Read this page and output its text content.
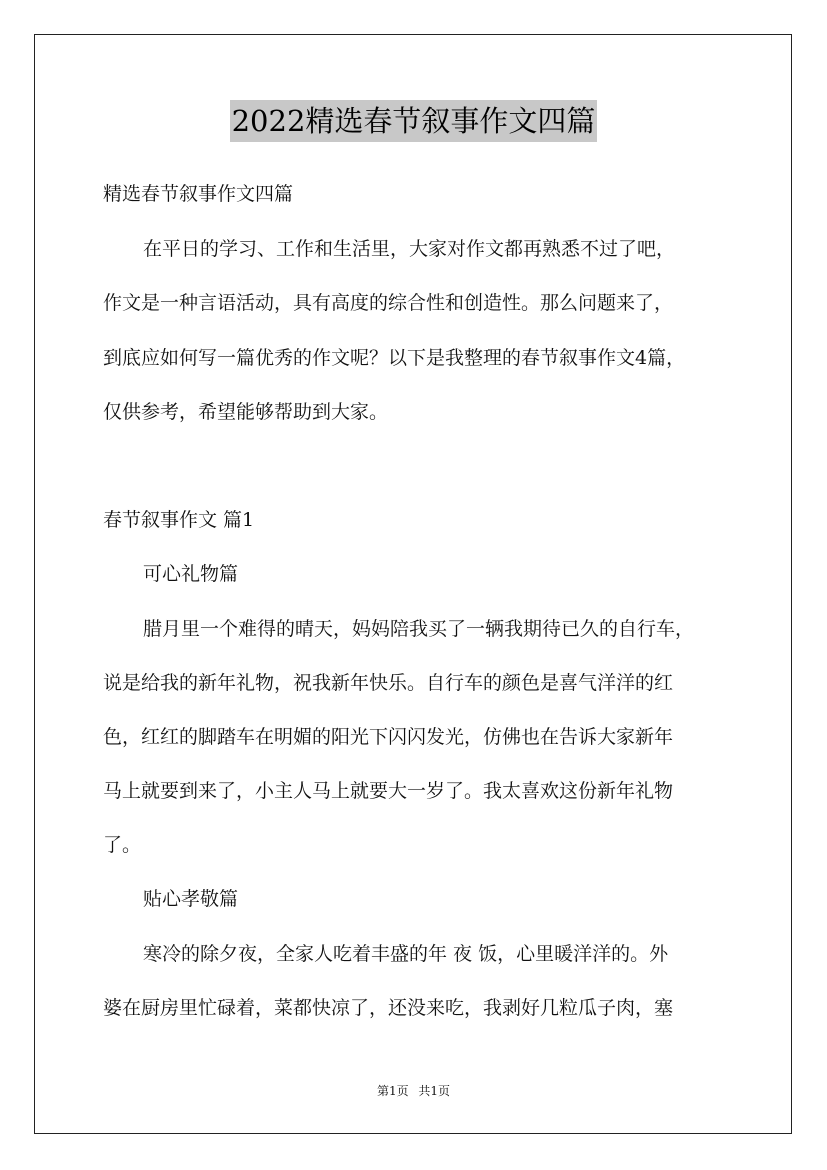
2022精选春节叙事作文四篇
精选春节叙事作文四篇
在平日的学习、工作和生活里，大家对作文都再熟悉不过了吧，
作文是一种言语活动，具有高度的综合性和创造性。那么问题来了，
到底应如何写一篇优秀的作文呢？以下是我整理的春节叙事作文4篇，
仅供参考，希望能够帮助到大家。
春节叙事作文 篇1
可心礼物篇
腊月里一个难得的晴天，妈妈陪我买了一辆我期待已久的自行车，
说是给我的新年礼物，祝我新年快乐。自行车的颜色是喜气洋洋的红
色，红红的脚踏车在明媚的阳光下闪闪发光，仿佛也在告诉大家新年
马上就要到来了，小主人马上就要大一岁了。我太喜欢这份新年礼物
了。
贴心孝敬篇
寒冷的除夕夜，全家人吃着丰盛的年 夜 饭，心里暖洋洋的。外
婆在厨房里忙碌着，菜都快凉了，还没来吃，我剥好几粒瓜子肉，塞
第1页 共1页
